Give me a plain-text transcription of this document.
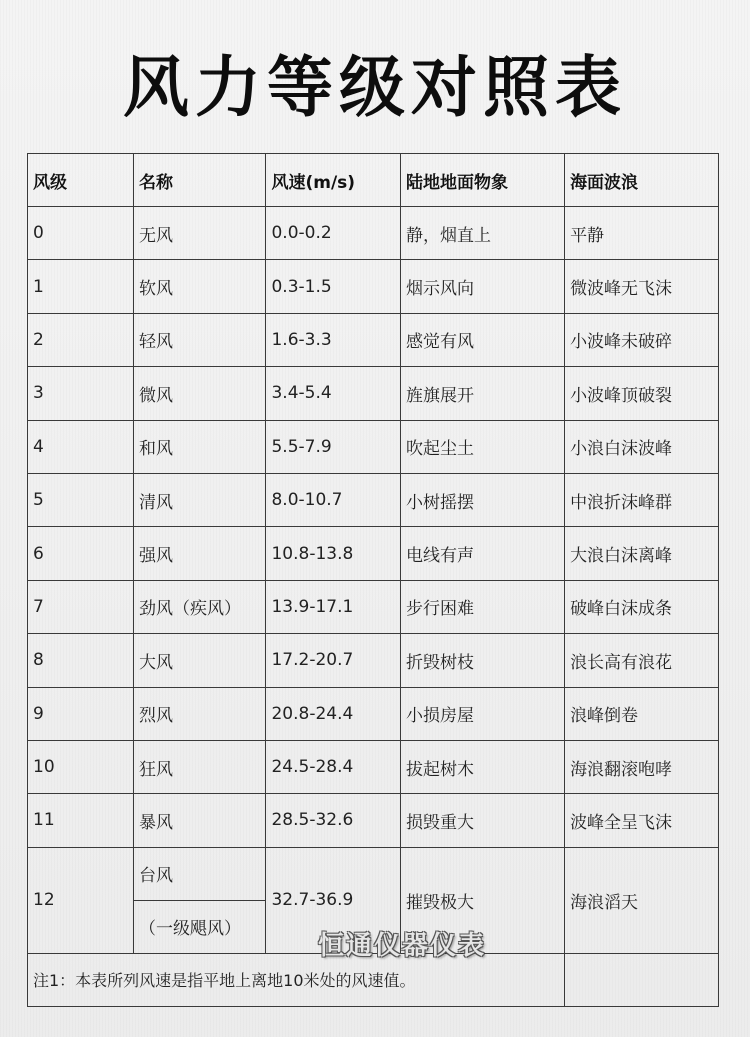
风力等级对照表
风级	名称	风速(m/s)	陆地地面物象	海面波浪
0	无风	0.0-0.2	静，烟直上	平静
1	软风	0.3-1.5	烟示风向	微波峰无飞沫
2	轻风	1.6-3.3	感觉有风	小波峰未破碎
3	微风	3.4-5.4	旌旗展开	小波峰顶破裂
4	和风	5.5-7.9	吹起尘土	小浪白沫波峰
5	清风	8.0-10.7	小树摇摆	中浪折沫峰群
6	强风	10.8-13.8	电线有声	大浪白沫离峰
7	劲风（疾风）	13.9-17.1	步行困难	破峰白沫成条
8	大风	17.2-20.7	折毁树枝	浪长高有浪花
9	烈风	20.8-24.4	小损房屋	浪峰倒卷
10	狂风	24.5-28.4	拔起树木	海浪翻滚咆哮
11	暴风	28.5-32.6	损毁重大	波峰全呈飞沫
12	台风	32.7-36.9	摧毁极大	海浪滔天
	（一级飓风）			
注1：本表所列风速是指平地上离地10米处的风速值。				
恒通仪器仪表
